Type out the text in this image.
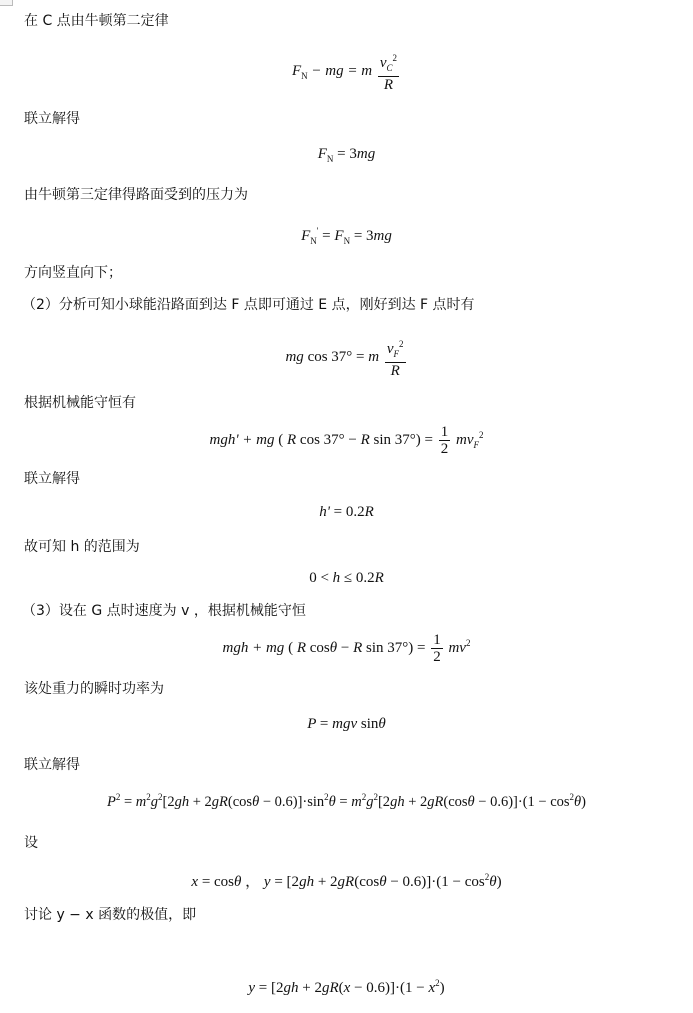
在 C 点由牛顿第二定律
联立解得
由牛顿第三定律得路面受到的压力为
方向竖直向下；
（2）分析可知小球能沿路面到达 F 点即可通过 E 点，刚好到达 F 点时有
根据机械能守恒有
联立解得
故可知 h 的范围为
（3）设在 G 点时速度为 v ，根据机械能守恒
该处重力的瞬时功率为
联立解得
设
讨论 y − x 函数的极值，即
$F_N$ − mg = m $\frac{v_C^2}{R}$
$F_N = 3mg$
$F_N' = F_N = 3mg$
mg cos 37° = m $\frac{v_F^2}{R}$
mgh' + mg ( R cos 37° − R $\sin 37^\circ) = \frac{1}{2} mv_F^2$
h' = 0.2R
0 < h ≤ 0.2R
mgh + mg ( R cosθ − R $\sin 37^\circ) = \frac{1}{2} mv^2$
P = mgv sinθ
$P^2 = m^2g^2[2gh + 2gR(\cos\theta - 0.6)]\cdot\sin^2\theta = m^2g^2[2gh + 2gR(\cos\theta - 0.6)]\cdot(1 - \cos^2\theta)$
x = cosθ ， $y = [2gh + 2gR(\cos\theta - 0.6)]\cdot(1 - \cos^2\theta)$
$y = [2gh + 2gR(x - 0.6)]\cdot(1 - x^2)$
